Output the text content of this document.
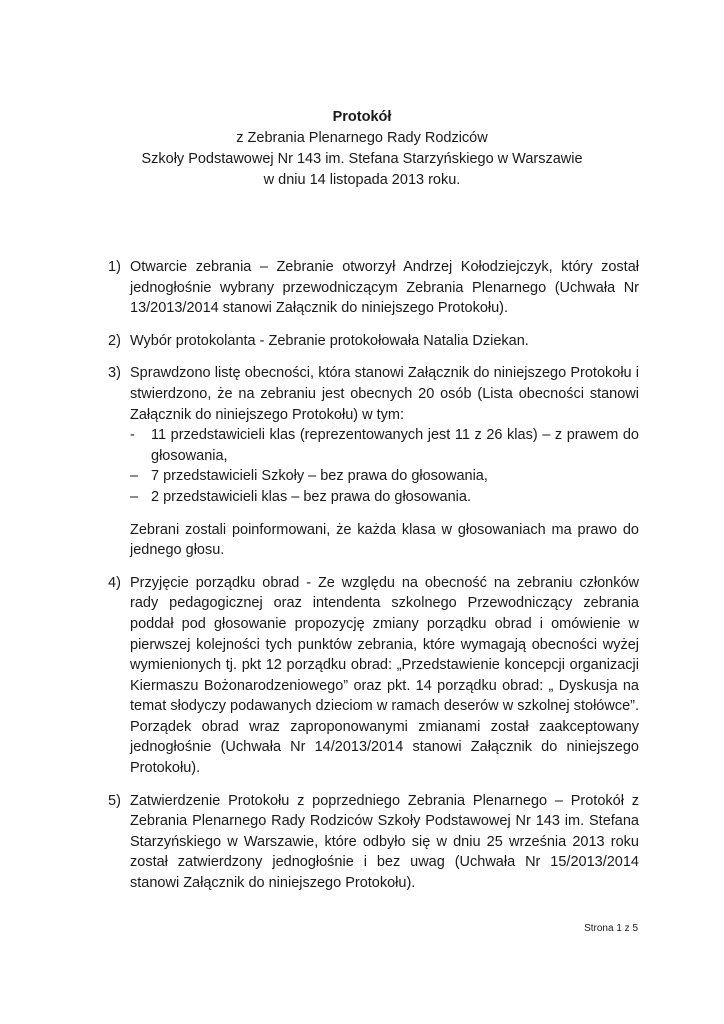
Protokół
z Zebrania Plenarnego Rady Rodziców
Szkoły Podstawowej Nr 143 im. Stefana Starzyńskiego w Warszawie
w dniu 14 listopada 2013 roku.
1) Otwarcie zebrania – Zebranie otworzył Andrzej Kołodziejczyk, który został jednogłośnie wybrany przewodniczącym Zebrania Plenarnego (Uchwała Nr 13/2013/2014 stanowi Załącznik do niniejszego Protokołu).

2) Wybór protokolanta - Zebranie protokołowała Natalia Dziekan.

3) Sprawdzono listę obecności, która stanowi Załącznik do niniejszego Protokołu i stwierdzono, że na zebraniu jest obecnych 20 osób (Lista obecności stanowi Załącznik do niniejszego Protokołu) w tym:

- 11 przedstawicieli klas (reprezentowanych jest 11 z 26 klas) – z prawem do głosowania,
– 7 przedstawicieli Szkoły – bez prawa do głosowania,
– 2 przedstawicieli klas – bez prawa do głosowania.

Zebrani zostali poinformowani, że każda klasa w głosowaniach ma prawo do jednego głosu.

4) Przyjęcie porządku obrad - Ze względu na obecność na zebraniu członków rady pedagogicznej oraz intendenta szkolnego Przewodniczący zebrania poddał pod głosowanie propozycję zmiany porządku obrad i omówienie w pierwszej kolejności tych punktów zebrania, które wymagają obecności wyżej wymienionych tj. pkt 12 porządku obrad: „Przedstawienie koncepcji organizacji Kiermaszu Bożonarodzeniowego” oraz pkt. 14 porządku obrad: „ Dyskusja na temat słodyczy podawanych dzieciom w ramach deserów w szkolnej stołówce”. Porządek obrad wraz zaproponowanymi zmianami został zaakceptowany jednogłośnie (Uchwała Nr 14/2013/2014 stanowi Załącznik do niniejszego Protokołu).

5) Zatwierdzenie Protokołu z poprzedniego Zebrania Plenarnego – Protokół z Zebrania Plenarnego Rady Rodziców Szkoły Podstawowej Nr 143 im. Stefana Starzyńskiego w Warszawie, które odbyło się w dniu 25 września 2013 roku został zatwierdzony jednogłośnie i bez uwag (Uchwała Nr 15/2013/2014 stanowi Załącznik do niniejszego Protokołu).

Strona 1 z 5
